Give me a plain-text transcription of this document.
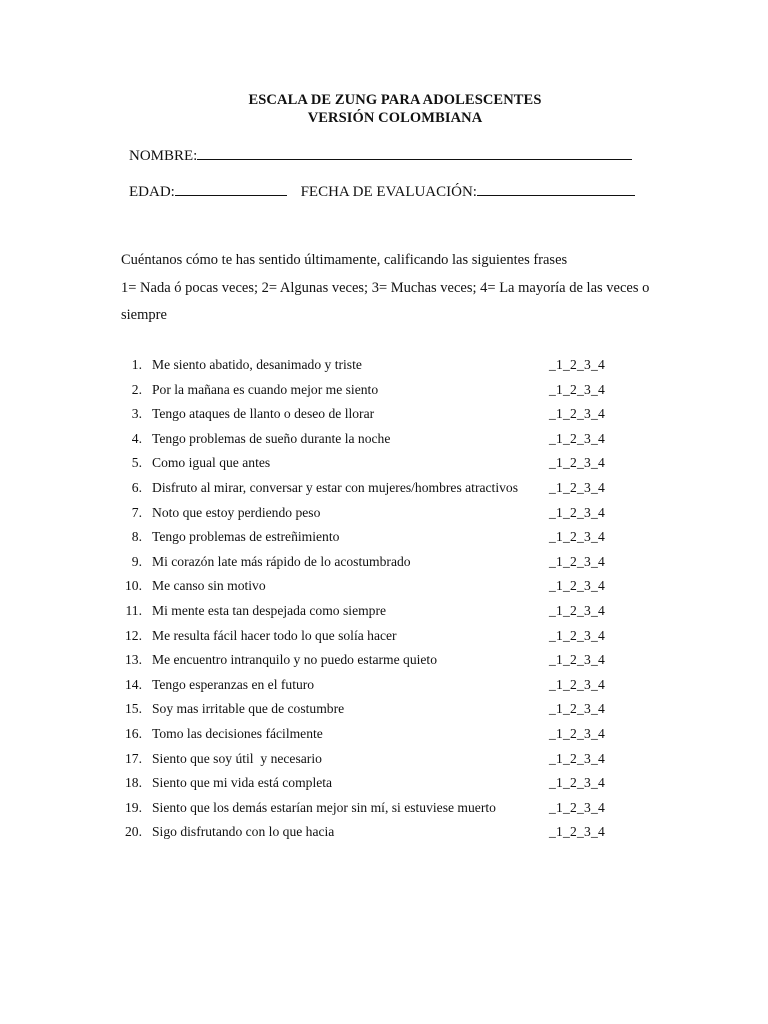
ESCALA DE ZUNG PARA ADOLESCENTES
VERSIÓN COLOMBIANA
NOMBRE:
EDAD:	FECHA DE EVALUACIÓN:

Cuéntanos cómo te has sentido últimamente, calificando las siguientes frases

1= Nada ó pocas veces; 2= Algunas veces; 3= Muchas veces; 4= La mayoría de las veces o siempre

1. Me siento abatido, desanimado y triste	_1_2_3_4
2. Por la mañana es cuando mejor me siento	_1_2_3_4
3. Tengo ataques de llanto o deseo de llorar	_1_2_3_4
4. Tengo problemas de sueño durante la noche	_1_2_3_4
5. Como igual que antes	_1_2_3_4
6. Disfruto al mirar, conversar y estar con mujeres/hombres atractivos _1_2_3_4
7. Noto que estoy perdiendo peso	_1_2_3_4
8. Tengo problemas de estreñimiento	_1_2_3_4
9. Mi corazón late más rápido de lo acostumbrado	_1_2_3_4
10. Me canso sin motivo	_1_2_3_4
11. Mi mente esta tan despejada como siempre	_1_2_3_4
12. Me resulta fácil hacer todo lo que solía hacer	_1_2_3_4
13. Me encuentro intranquilo y no puedo estarme quieto	_1_2_3_4
14. Tengo esperanzas en el futuro	_1_2_3_4
15. Soy mas irritable que de costumbre	_1_2_3_4
16. Tomo las decisiones fácilmente	_1_2_3_4
17. Siento que soy útil  y necesario	_1_2_3_4
18. Siento que mi vida está completa	_1_2_3_4
19. Siento que los demás estarían mejor sin mí, si estuviese muerto	_1_2_3_4
20. Sigo disfrutando con lo que hacia	_1_2_3_4
